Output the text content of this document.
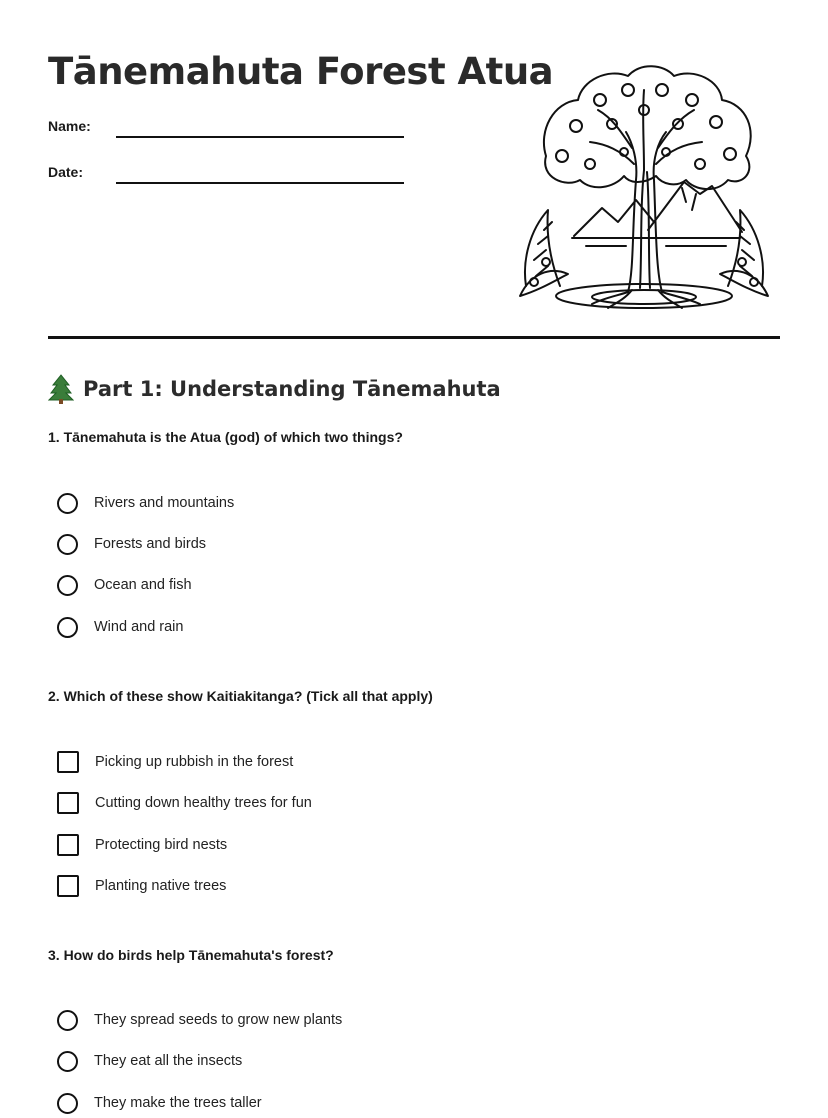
Tānemahuta Forest Atua
Name:
Date:
Part 1: Understanding Tānemahuta

1. Tānemahuta is the Atua (god) of which two things?

Rivers and mountains
Forests and birds
Ocean and fish
Wind and rain

2. Which of these show Kaitiakitanga? (Tick all that apply)

Picking up rubbish in the forest
Cutting down healthy trees for fun
Protecting bird nests
Planting native trees

3. How do birds help Tānemahuta's forest?

They spread seeds to grow new plants
They eat all the insects
They make the trees taller
